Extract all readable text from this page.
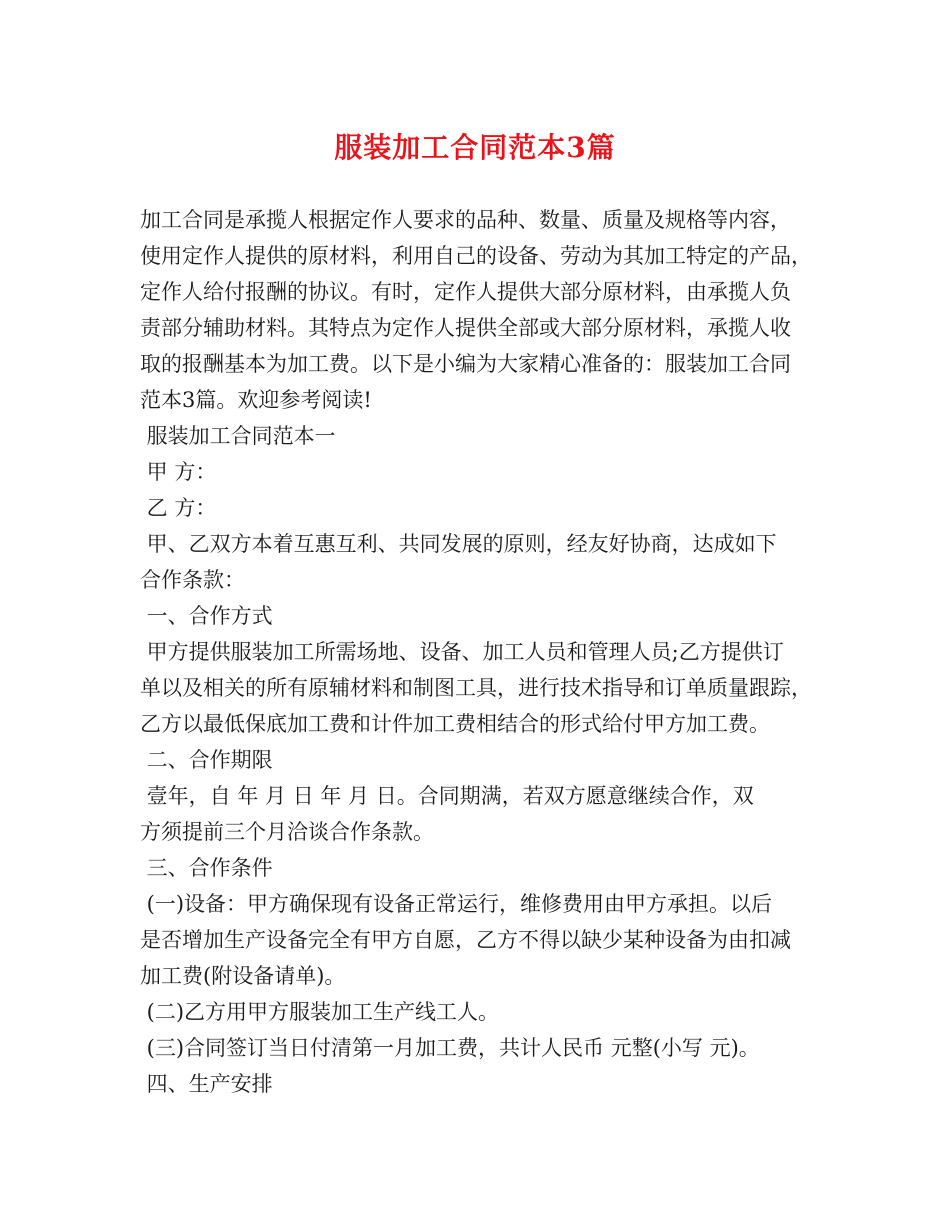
服装加工合同范本3篇
加工合同是承揽人根据定作人要求的品种、数量、质量及规格等内容，
使用定作人提供的原材料，利用自己的设备、劳动为其加工特定的产品，
定作人给付报酬的协议。有时，定作人提供大部分原材料，由承揽人负
责部分辅助材料。其特点为定作人提供全部或大部分原材料，承揽人收
取的报酬基本为加工费。以下是小编为大家精心准备的：服装加工合同
范本3篇。欢迎参考阅读!
服装加工合同范本一
甲 方：
乙 方：
甲、乙双方本着互惠互利、共同发展的原则，经友好协商，达成如下
合作条款：
一、合作方式
甲方提供服装加工所需场地、设备、加工人员和管理人员;乙方提供订
单以及相关的所有原辅材料和制图工具，进行技术指导和订单质量跟踪，
乙方以最低保底加工费和计件加工费相结合的形式给付甲方加工费。
二、合作期限
壹年，自 年 月 日 年 月 日。合同期满，若双方愿意继续合作，双
方须提前三个月洽谈合作条款。
三、合作条件
(一)设备：甲方确保现有设备正常运行，维修费用由甲方承担。以后
是否增加生产设备完全有甲方自愿，乙方不得以缺少某种设备为由扣减
加工费(附设备请单)。
(二)乙方用甲方服装加工生产线工人。
(三)合同签订当日付清第一月加工费，共计人民币 元整(小写 元)。
四、生产安排
